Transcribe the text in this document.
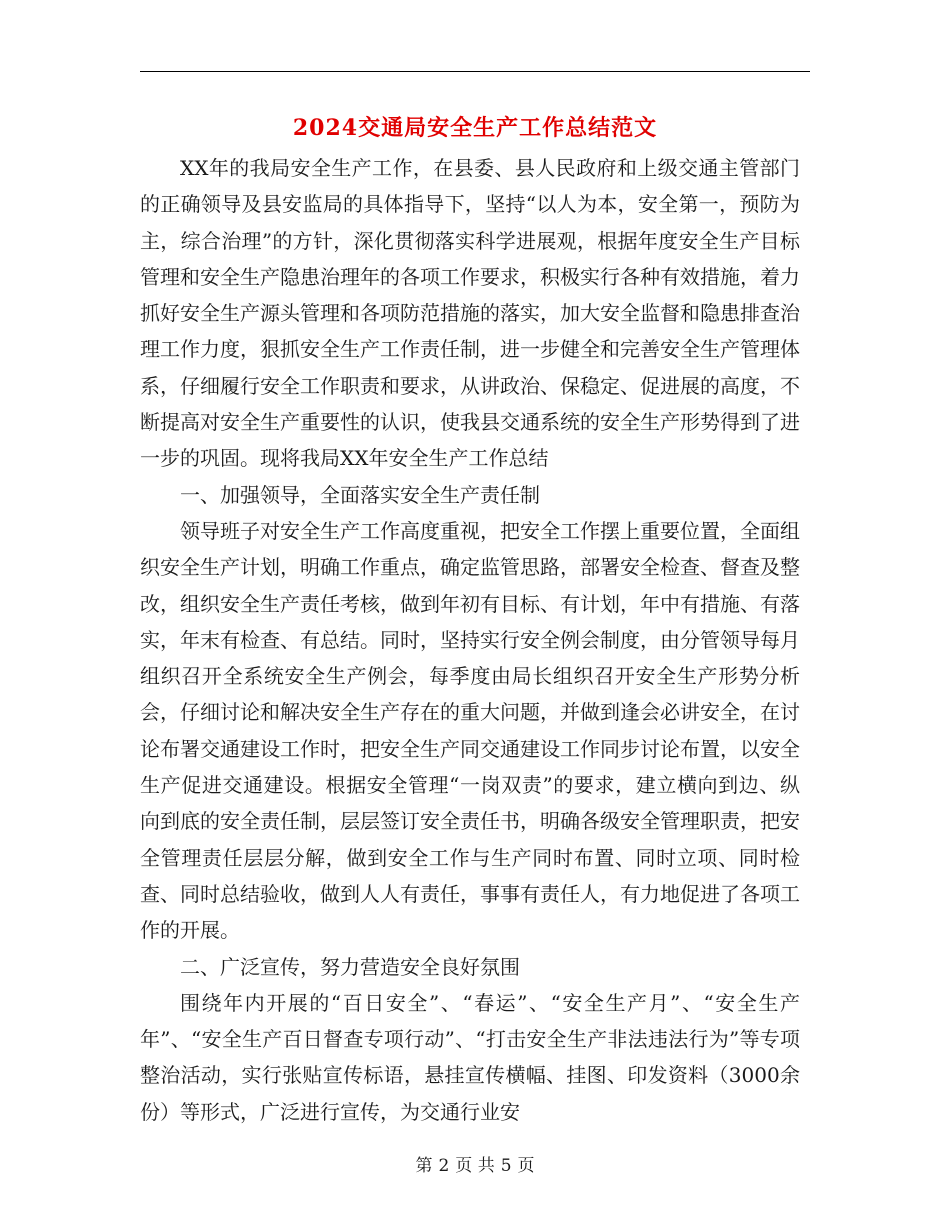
2024交通局安全生产工作总结范文

XX年的我局安全生产工作，在县委、县人民政府和上级交通主管部门的正确领导及县安监局的具体指导下，坚持“以人为本，安全第一，预防为主，综合治理”的方针，深化贯彻落实科学进展观，根据年度安全生产目标管理和安全生产隐患治理年的各项工作要求，积极实行各种有效措施，着力抓好安全生产源头管理和各项防范措施的落实，加大安全监督和隐患排查治理工作力度，狠抓安全生产工作责任制，进一步健全和完善安全生产管理体系，仔细履行安全工作职责和要求，从讲政治、保稳定、促进展的高度，不断提高对安全生产重要性的认识，使我县交通系统的安全生产形势得到了进一步的巩固。现将我局XX年安全生产工作总结

一、加强领导，全面落实安全生产责任制

领导班子对安全生产工作高度重视，把安全工作摆上重要位置，全面组织安全生产计划，明确工作重点，确定监管思路，部署安全检查、督查及整改，组织安全生产责任考核，做到年初有目标、有计划，年中有措施、有落实，年末有检查、有总结。同时，坚持实行安全例会制度，由分管领导每月组织召开全系统安全生产例会，每季度由局长组织召开安全生产形势分析会，仔细讨论和解决安全生产存在的重大问题，并做到逢会必讲安全，在讨论布署交通建设工作时，把安全生产同交通建设工作同步讨论布置，以安全生产促进交通建设。根据安全管理“一岗双责”的要求，建立横向到边、纵向到底的安全责任制，层层签订安全责任书，明确各级安全管理职责，把安全管理责任层层分解，做到安全工作与生产同时布置、同时立项、同时检查、同时总结验收，做到人人有责任，事事有责任人，有力地促进了各项工作的开展。

二、广泛宣传，努力营造安全良好氛围

围绕年内开展的“百日安全”、“春运”、“安全生产月”、“安全生产年”、“安全生产百日督查专项行动”、“打击安全生产非法违法行为”等专项整治活动，实行张贴宣传标语，悬挂宣传横幅、挂图、印发资料（3000余份）等形式，广泛进行宣传，为交通行业安

第 2 页 共 5 页
